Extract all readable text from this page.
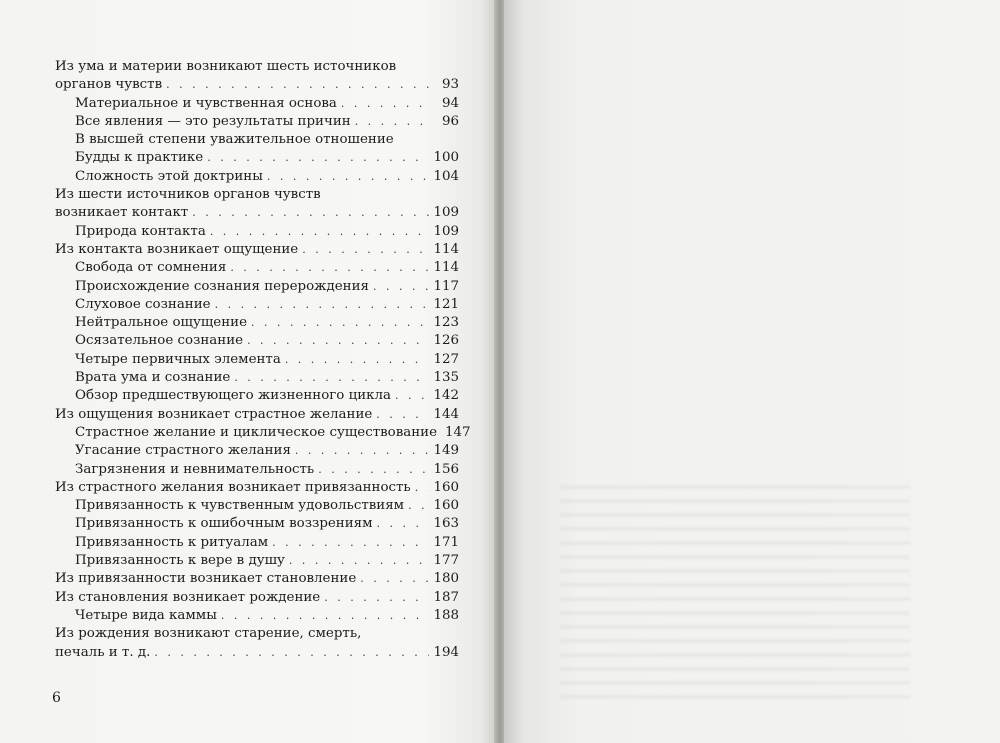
Из ума и материи возникают шесть источников
органов чувств . . .	93
Материальное и чувственная основа . . .	94
Все явления — это результаты причин . . .	96
В высшей степени уважительное отношение
Будды к практике . . .	100
Сложность этой доктрины . . .	104
Из шести источников органов чувств
возникает контакт . . .	109
Природа контакта . . .	109
Из контакта возникает ощущение . . .	114
Свобода от сомнения . . .	114
Происхождение сознания перерождения . . .	117
Слуховое сознание . . .	121
Нейтральное ощущение . . .	123
Осязательное сознание . . .	126
Четыре первичных элемента . . .	127
Врата ума и сознание . . .	135
Обзор предшествующего жизненного цикла . . .	142
Из ощущения возникает страстное желание . . .	144
Страстное желание и циклическое существование 147
Угасание страстного желания . . .	149
Загрязнения и невнимательность . . .	156
Из страстного желания возникает привязанность . . . 160
Привязанность к чувственным удовольствиям . . . 160
Привязанность к ошибочным воззрениям . . .	163
Привязанность к ритуалам . . .	171
Привязанность к вере в душу . . .	177
Из привязанности возникает становление . . .	180
Из становления возникает рождение . . .	187
Четыре вида каммы . . .	188
Из рождения возникают старение, смерть,
печаль и т. д. . . .	194
6
